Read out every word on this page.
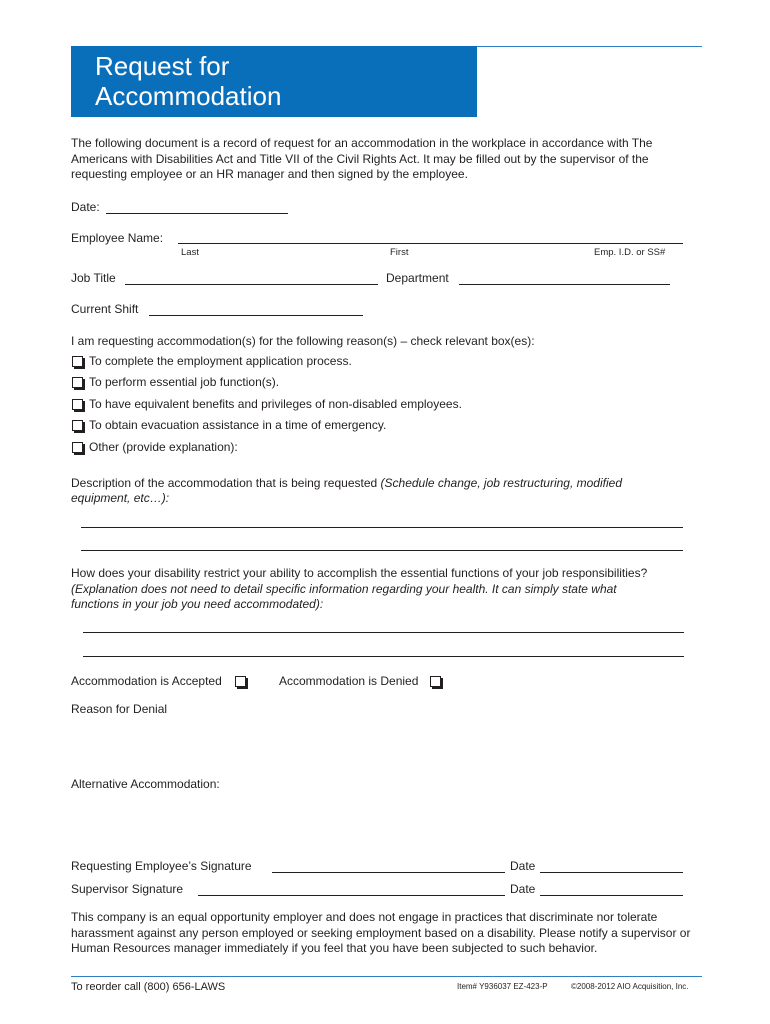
Request for
Accommodation
The following document is a record of request for an accommodation in the workplace in accordance with The Americans with Disabilities Act and Title VII of the Civil Rights Act. It may be filled out by the supervisor of the requesting employee or an HR manager and then signed by the employee.
Date:
Employee Name:
Last	First	Emp. I.D. or SS#
Job Title	Department
Current Shift
I am requesting accommodation(s) for the following reason(s) – check relevant box(es):
To complete the employment application process.
To perform essential job function(s).
To have equivalent benefits and privileges of non-disabled employees.
To obtain evacuation assistance in a time of emergency.
Other (provide explanation):
Description of the accommodation that is being requested (Schedule change, job restructuring, modified
equipment, etc…):
How does your disability restrict your ability to accomplish the essential functions of your job responsibilities?
(Explanation does not need to detail specific information regarding your health. It can simply state what
functions in your job you need accommodated):
Accommodation is Accepted	Accommodation is Denied
Reason for Denial
Alternative Accommodation:
Requesting Employee’s Signature	Date
Supervisor Signature	Date
This company is an equal opportunity employer and does not engage in practices that discriminate nor tolerate harassment against any person employed or seeking employment based on a disability. Please notify a supervisor or Human Resources manager immediately if you feel that you have been subjected to such behavior.
To reorder call (800) 656-LAWS	Item# Y936037 EZ-423-P	©2008-2012 AIO Acquisition, Inc.
